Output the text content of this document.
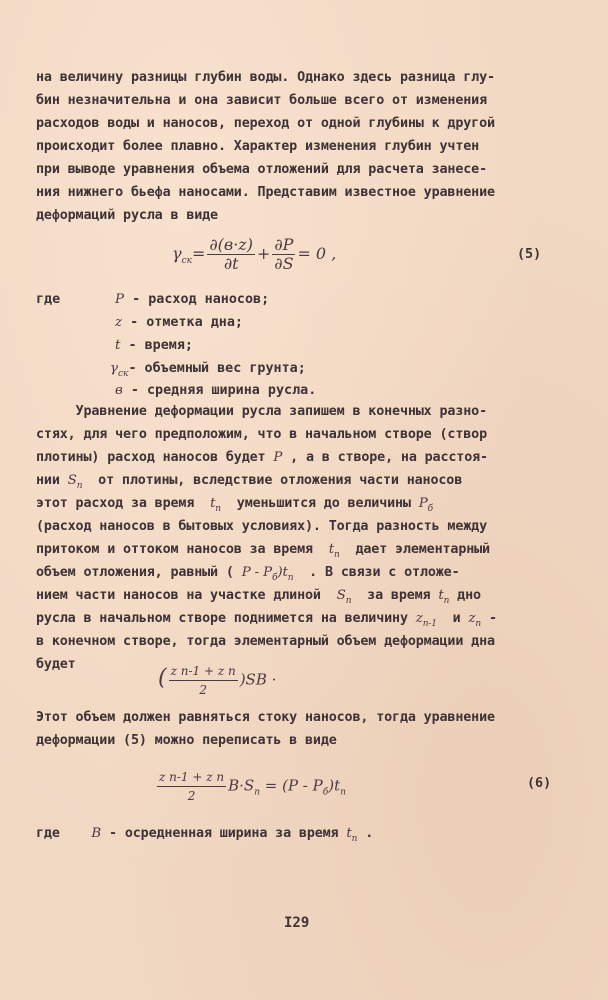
на величину разницы глубин воды. Однако здесь разница глу-
бин незначительна и она зависит больше всего от изменения
расходов воды и наносов, переход от одной глубины к другой
происходит более плавно. Характер изменения глубин учтен
при выводе уравнения объема отложений для расчета занесе-
ния нижнего бьефа наносами. Представим известное уравнение
деформаций русла в виде
$\gamma_{ск}= \frac{\partial(в\cdot z)}{\partial t} + \frac{\partial P}{\partial S} = 0$ ,	(5)
где	P - расход наносов;
z - отметка дна;
t - время;
$\gamma_{ск}-$ объемный вес грунта;
в - средняя ширина русла.
Уравнение деформации русла запишем в конечных разно-
стях, для чего предположим, что в начальном створе (створ
плотины) расход наносов будет P , а в створе, на расстоя-
нии $S_n$  от плотины, вследствие отложения части наносов
этот расход за время  $t_n$  уменьшится до величины $P_б$
(расход наносов в бытовых условиях). Тогда разность между
притоком и оттоком наносов за время  $t_n$  дает элементарный
объем отложения, равный ( P - $P_б)t_n$  . В связи с отложе-
нием части наносов на участке длиной  $S_n$  за время $t_n$ дно
русла в начальном створе поднимется на величину $z_{n-1}$  и $z_n$ -
в конечном створе, тогда элементарный объем деформации дна
будет
( $\frac{\text{z n-1 + z n}}{2} )SB$ ·
Этот объем должен равняться стоку наносов, тогда уравнение
деформации (5) можно переписать в виде
$\frac{\text{z n-1 + z n}}{2} B\cdot S_n = (P - P_б)t_n$
(6)
где B - осредненная ширина за время $t_n$ .
I29
